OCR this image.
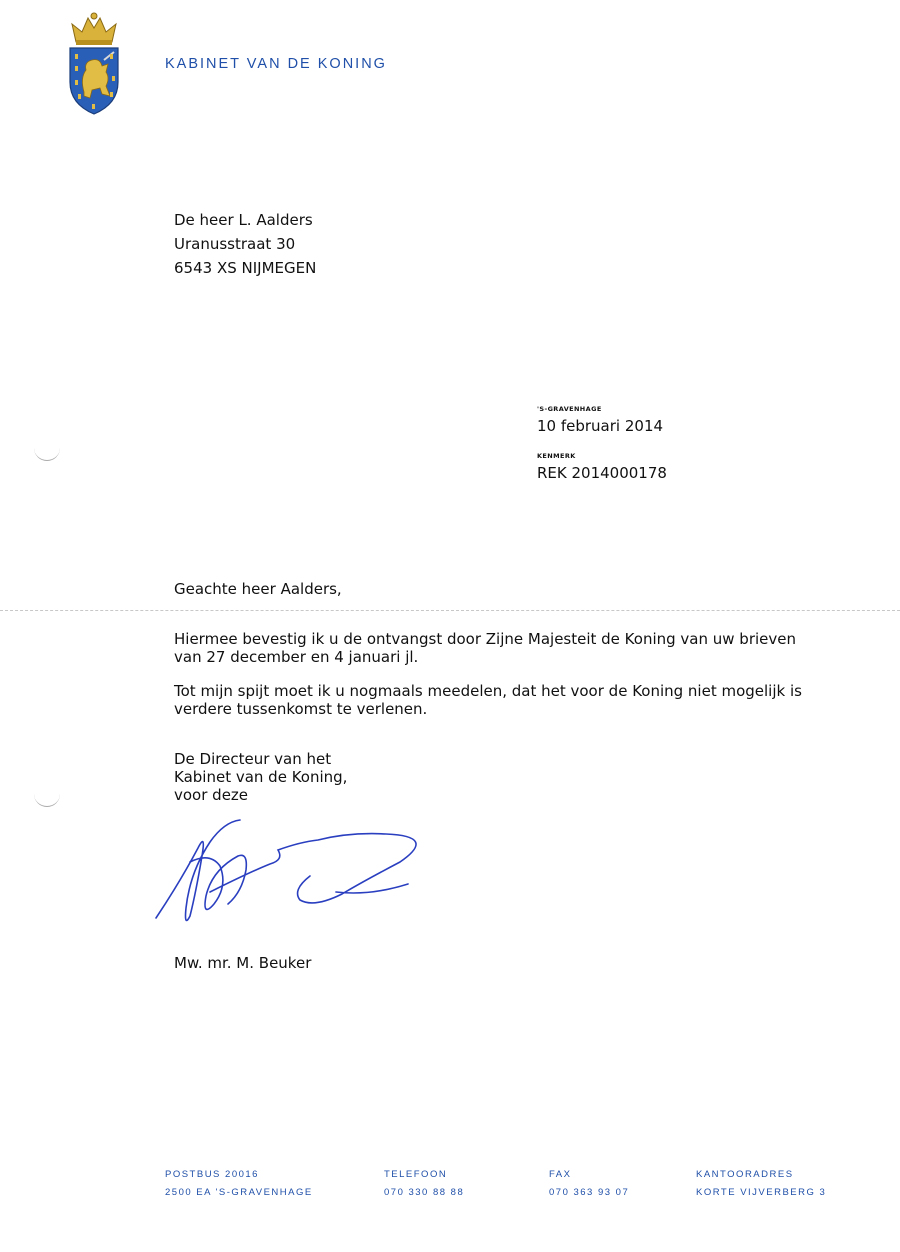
KABINET VAN DE KONING
De heer L. Aalders
Uranusstraat 30
6543 XS NIJMEGEN
'S-GRAVENHAGE
10 februari 2014
KENMERK
REK 2014000178
Geachte heer Aalders,
Hiermee bevestig ik u de ontvangst door Zijne Majesteit de Koning van uw brieven
van 27 december en 4 januari jl.
Tot mijn spijt moet ik u nogmaals meedelen, dat het voor de Koning niet mogelijk is
verdere tussenkomst te verlenen.
De Directeur van het
Kabinet van de Koning,
voor deze
Mw. mr. M. Beuker
POSTBUS 20016
2500 EA 'S-GRAVENHAGE
TELEFOON
070 330 88 88
FAX
070 363 93 07
KANTOORADRES
KORTE VIJVERBERG 3
